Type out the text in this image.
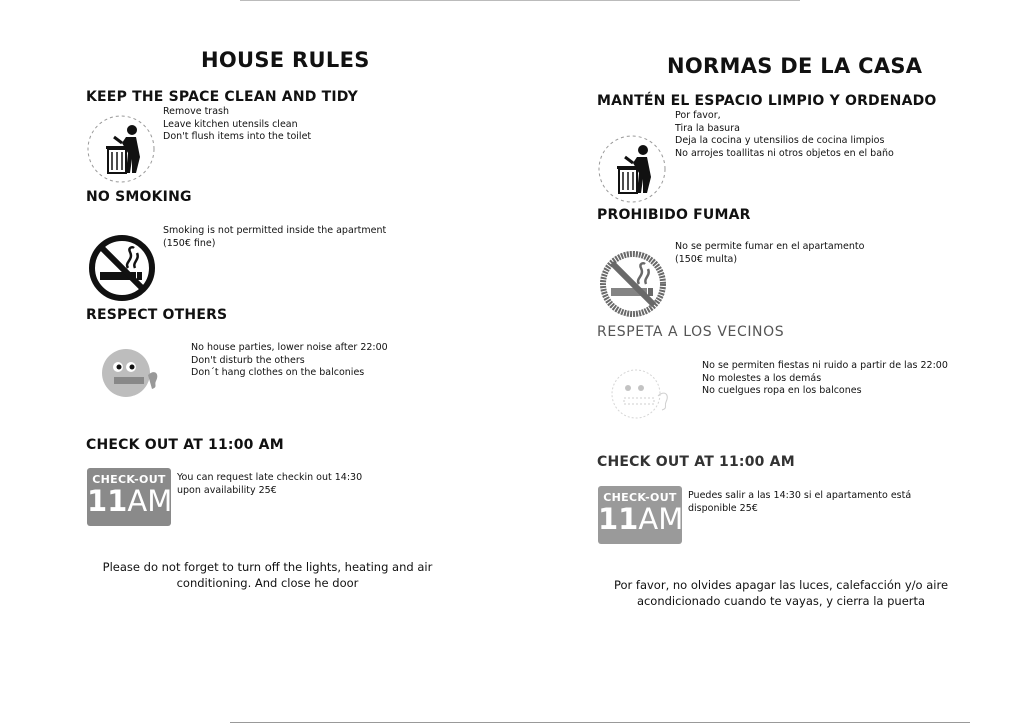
HOUSE RULES
KEEP THE SPACE CLEAN AND TIDY
Remove trash
Leave kitchen utensils clean
Don't flush items into the toilet
NO SMOKING
Smoking is not permitted inside the apartment
(150€ fine)
RESPECT OTHERS
No house parties, lower noise after 22:00
Don't disturb the others
Don´t hang clothes on the balconies
CHECK OUT AT 11:00 AM
CHECK-OUT
11AM
You can request late checkin out 14:30
upon availability 25€
Please do not forget to turn off the lights, heating and air
conditioning. And close he door
NORMAS DE LA CASA
MANTÉN EL ESPACIO LIMPIO Y ORDENADO
Por favor,
Tira la basura
Deja la cocina y utensilios de cocina limpios
No arrojes toallitas ni otros objetos en el baño
PROHIBIDO FUMAR
No se permite fumar en el apartamento
(150€ multa)
RESPETA A LOS VECINOS
No se permiten fiestas ni ruido a partir de las 22:00
No molestes a los demás
No cuelgues ropa en los balcones
CHECK OUT AT 11:00 AM
CHECK-OUT
11AM
Puedes salir a las 14:30 si el apartamento está
disponible 25€
Por favor, no olvides apagar las luces, calefacción y/o aire
acondicionado cuando te vayas, y cierra la puerta
